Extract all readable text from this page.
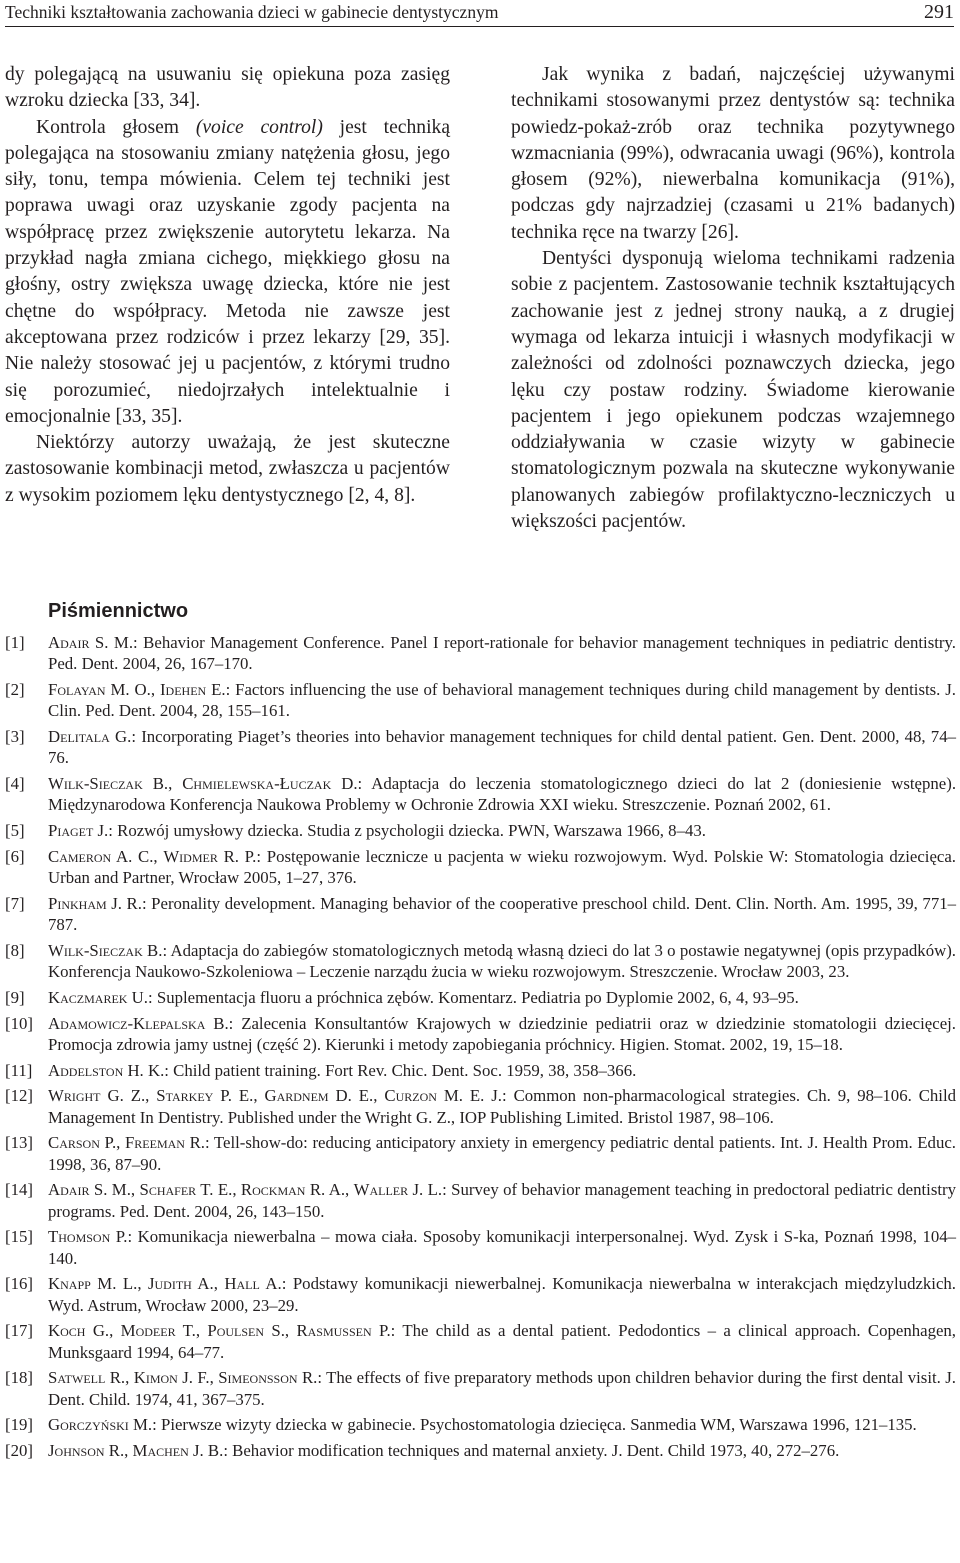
Techniki kształtowania zachowania dzieci w gabinecie dentystycznym	291

dy polegającą na usuwaniu się opiekuna poza zasięg wzroku dziecka [33, 34].

Kontrola głosem (voice control) jest techniką polegająca na stosowaniu zmiany natężenia głosu, jego siły, tonu, tempa mówienia. Celem tej techniki jest poprawa uwagi oraz uzyskanie zgody pacjenta na współpracę przez zwiększenie autorytetu lekarza. Na przykład nagła zmiana cichego, miękkiego głosu na głośny, ostry zwiększa uwagę dziecka, które nie jest chętne do współpracy. Metoda nie zawsze jest akceptowana przez rodziców i przez lekarzy [29, 35]. Nie należy stosować jej u pacjentów, z którymi trudno się porozumieć, niedojrzałych intelektualnie i emocjonalnie [33, 35].

Niektórzy autorzy uważają, że jest skuteczne zastosowanie kombinacji metod, zwłaszcza u pacjentów z wysokim poziomem lęku dentystycznego [2, 4, 8].

Jak wynika z badań, najczęściej używanymi technikami stosowanymi przez dentystów są: technika powiedz-pokaż-zrób oraz technika pozytywnego wzmacniania (99%), odwracania uwagi (96%), kontrola głosem (92%), niewerbalna komunikacja (91%), podczas gdy najrzadziej (czasami u 21% badanych) technika ręce na twarzy [26].

Dentyści dysponują wieloma technikami radzenia sobie z pacjentem. Zastosowanie technik kształtujących zachowanie jest z jednej strony nauką, a z drugiej wymaga od lekarza intuicji i własnych modyfikacji w zależności od zdolności poznawczych dziecka, jego lęku czy postaw rodziny. Świadome kierowanie pacjentem i jego opiekunem podczas wzajemnego oddziaływania w czasie wizyty w gabinecie stomatologicznym pozwala na skuteczne wykonywanie planowanych zabiegów profilaktyczno-leczniczych u większości pacjentów.

Piśmiennictwo
[1]	Adair S. M.: Behavior Management Conference. Panel I report-rationale for behavior management techniques in pediatric dentistry. Ped. Dent. 2004, 26, 167–170.
[2]	Folayan M. O., Idehen E.: Factors influencing the use of behavioral management techniques during child management by dentists. J. Clin. Ped. Dent. 2004, 28, 155–161.
[3]	Delitala G.: Incorporating Piaget’s theories into behavior management techniques for child dental patient. Gen. Dent. 2000, 48, 74–76.
[4]	Wilk-Sieczak B., Chmielewska-Łuczak D.: Adaptacja do leczenia stomatologicznego dzieci do lat 2 (doniesienie wstępne). Międzynarodowa Konferencja Naukowa Problemy w Ochronie Zdrowia XXI wieku. Streszczenie. Poznań 2002, 61.
[5]	Piaget J.: Rozwój umysłowy dziecka. Studia z psychologii dziecka. PWN, Warszawa 1966, 8–43.
[6]	Cameron A. C., Widmer R. P.: Postępowanie lecznicze u pacjenta w wieku rozwojowym. Wyd. Polskie W: Stomatologia dziecięca. Urban and Partner, Wrocław 2005, 1–27, 376.
[7]	Pinkham J. R.: Peronality development. Managing behavior of the cooperative preschool child. Dent. Clin. North. Am. 1995, 39, 771–787.
[8]	Wilk-Sieczak B.: Adaptacja do zabiegów stomatologicznych metodą własną dzieci do lat 3 o postawie negatywnej (opis przypadków). Konferencja Naukowo-Szkoleniowa – Leczenie narządu żucia w wieku rozwojowym. Streszczenie. Wrocław 2003, 23.
[9]	Kaczmarek U.: Suplementacja fluoru a próchnica zębów. Komentarz. Pediatria po Dyplomie 2002, 6, 4, 93–95.
[10] Adamowicz-Klepalska B.: Zalecenia Konsultantów Krajowych w dziedzinie pediatrii oraz w dziedzinie stomatologii dziecięcej. Promocja zdrowia jamy ustnej (część 2). Kierunki i metody zapobiegania próchnicy. Higien. Stomat. 2002, 19, 15–18.
[11] Addelston H. K.: Child patient training. Fort Rev. Chic. Dent. Soc. 1959, 38, 358–366.
[12] Wright G. Z., Starkey P. E., Gardnem D. E., Curzon M. E. J.: Common non-pharmacological strategies. Ch. 9, 98–106. Child Management In Dentistry. Published under the Wright G. Z., IOP Publishing Limited. Bristol 1987, 98–106.
[13] Carson P., Freeman R.: Tell-show-do: reducing anticipatory anxiety in emergency pediatric dental patients. Int. J. Health Prom. Educ. 1998, 36, 87–90.
[14] Adair S. M., Schafer T. E., Rockman R. A., Waller J. L.: Survey of behavior management teaching in predoctoral pediatric dentistry programs. Ped. Dent. 2004, 26, 143–150.
[15] Thomson P.: Komunikacja niewerbalna – mowa ciała. Sposoby komunikacji interpersonalnej. Wyd. Zysk i S-ka, Poznań 1998, 104–140.
[16] Knapp M. L., Judith A., Hall A.: Podstawy komunikacji niewerbalnej. Komunikacja niewerbalna w interakcjach międzyludzkich. Wyd. Astrum, Wrocław 2000, 23–29.
[17] Koch G., Modeer T., Poulsen S., Rasmussen P.: The child as a dental patient. Pedodontics – a clinical approach. Copenhagen, Munksgaard 1994, 64–77.
[18] Satwell R., Kimon J. F., Simeonsson R.: The effects of five preparatory methods upon children behavior during the first dental visit. J. Dent. Child. 1974, 41, 367–375.
[19] Gorczyński M.: Pierwsze wizyty dziecka w gabinecie. Psychostomatologia dziecięca. Sanmedia WM, Warszawa 1996, 121–135.
[20] Johnson R., Machen J. B.: Behavior modification techniques and maternal anxiety. J. Dent. Child 1973, 40, 272–276.
